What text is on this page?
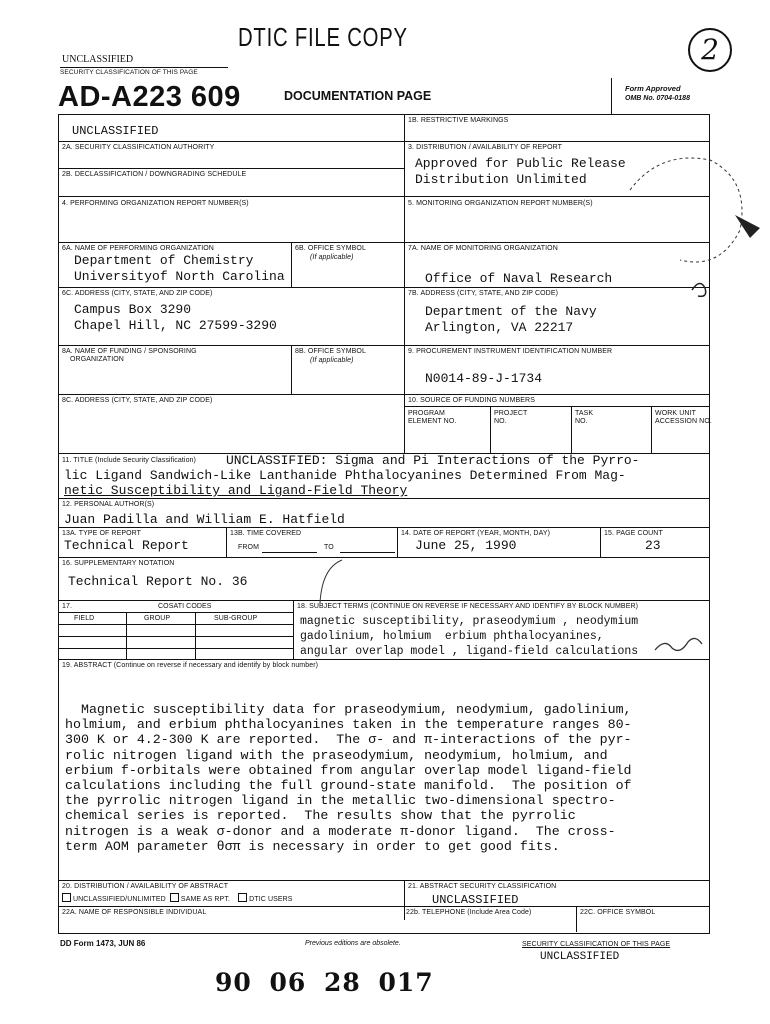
UNCLASSIFIED
SECURITY CLASSIFICATION OF THIS PAGE
DTIC FILE COPY	2
AD-A223 609	DOCUMENTATION PAGE
Form Approved
OMB No. 0704-0188
UNCLASSIFIED
1B. RESTRICTIVE MARKINGS
2A. SECURITY CLASSIFICATION AUTHORITY
2B. DECLASSIFICATION / DOWNGRADING SCHEDULE
3. DISTRIBUTION / AVAILABILITY OF REPORT
Approved for Public Release
Distribution Unlimited
4. PERFORMING ORGANIZATION REPORT NUMBER(S)	5. MONITORING ORGANIZATION REPORT NUMBER(S)
6A. NAME OF PERFORMING ORGANIZATION
Department of Chemistry
Universityof North Carolina
6B. OFFICE SYMBOL
(If applicable)
7A. NAME OF MONITORING ORGANIZATION
Office of Naval Research
6C. ADDRESS (CITY, STATE, AND ZIP CODE)
Campus Box 3290
Chapel Hill, NC 27599-3290
7B. ADDRESS (CITY, STATE, AND ZIP CODE)
Department of the Navy
Arlington, VA 22217
8A. NAME OF FUNDING / SPONSORING
ORGANIZATION
8B. OFFICE SYMBOL
(If applicable)
9. PROCUREMENT INSTRUMENT IDENTIFICATION NUMBER
N0014-89-J-1734
8C. ADDRESS (CITY, STATE, AND ZIP CODE)	10. SOURCE OF FUNDING NUMBERS
PROGRAM
ELEMENT NO.
PROJECT
NO.
TASK
NO.
WORK UNIT
ACCESSION NO.
11. TITLE (Include Security Classification) UNCLASSIFIED: Sigma and Pi Interactions of the Pyrro-
lic Ligand Sandwich-Like Lanthanide Phthalocyanines Determined From Mag-
netic Susceptibility and Ligand-Field Theory
12. PERSONAL AUTHOR(S)
Juan Padilla and William E. Hatfield
13A. TYPE OF REPORT
Technical Report
13B. TIME COVERED
FROM	TO
14. DATE OF REPORT (YEAR, MONTH, DAY)
June 25, 1990
15. PAGE COUNT
23
16. SUPPLEMENTARY NOTATION
Technical Report No. 36
17.	COSATI CODES
FIELD	GROUP	SUB-GROUP
18. SUBJECT TERMS (CONTINUE ON REVERSE IF NECESSARY AND IDENTIFY BY BLOCK NUMBER)
magnetic susceptibility, praseodymium , neodymium
gadolinium, holmium  erbium phthalocyanines,
angular overlap model , ligand-field calculations
19. ABSTRACT (Continue on reverse if necessary and identify by block number)
Magnetic susceptibility data for praseodymium, neodymium, gadolinium,
holmium, and erbium phthalocyanines taken in the temperature ranges 80-
300 K or 4.2-300 K are reported.  The σ- and π-interactions of the pyr-
rolic nitrogen ligand with the praseodymium, neodymium, holmium, and
erbium f-orbitals were obtained from angular overlap model ligand-field
calculations including the full ground-state manifold.  The position of
the pyrrolic nitrogen ligand in the metallic two-dimensional spectro-
chemical series is reported.  The results show that the pyrrolic
nitrogen is a weak σ-donor and a moderate π-donor ligand.  The cross-
term AOM parameter θσπ is necessary in order to get good fits.
20. DISTRIBUTION / AVAILABILITY OF ABSTRACT
UNCLASSIFIED/UNLIMITED SAME AS RPT.	DTIC USERS
21. ABSTRACT SECURITY CLASSIFICATION
UNCLASSIFIED
22A. NAME OF RESPONSIBLE INDIVIDUAL	22b. TELEPHONE (Include Area Code)	22C. OFFICE SYMBOL
DD Form 1473, JUN 86	Previous editions are obsolete.	SECURITY CLASSIFICATION OF THIS PAGE
UNCLASSIFIED
90 06 28 017
